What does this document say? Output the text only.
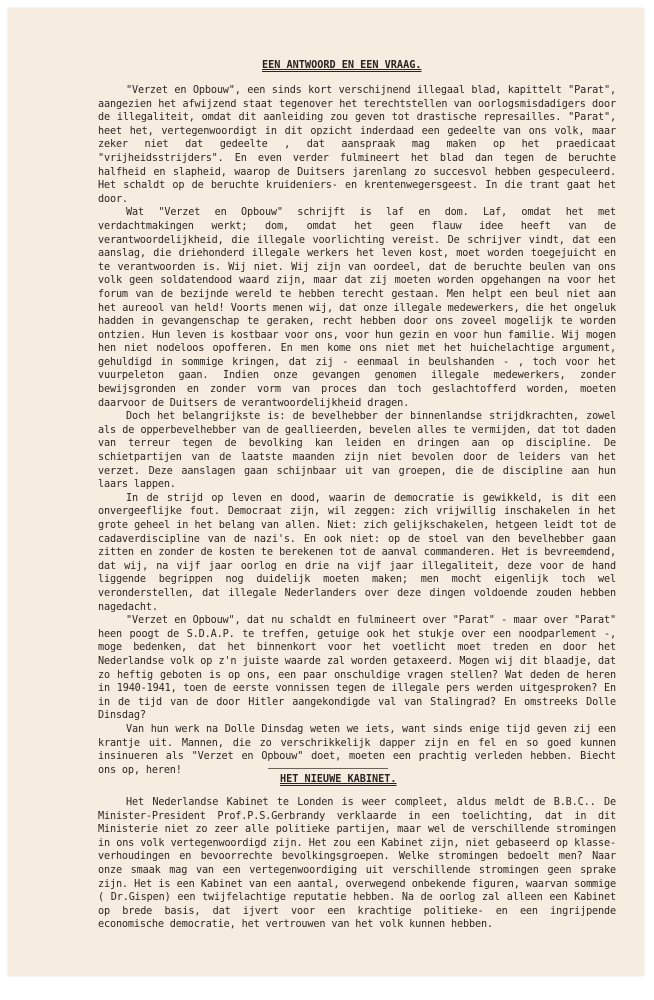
EEN ANTWOORD EN EEN VRAAG.

"Verzet en Opbouw", een sinds kort verschijnend illegaal blad, kapittelt "Parat", aangezien het afwijzend staat tegenover het terechtstellen van oorlogsmisdadigers door de illegaliteit, omdat dit aanleiding zou geven tot drastische represailles. "Parat", heet het, vertegenwoordigt in dit opzicht inderdaad een gedeelte van ons volk, maar zeker niet dat gedeelte , dat aanspraak mag maken op het praedicaat "vrijheidsstrijders". En even verder fulmineert het blad dan tegen de beruchte halfheid en slapheid, waarop de Duitsers jarenlang zo succesvol hebben gespeculeerd. Het schaldt op de beruchte kruideniers- en krentenwegersgeest. In die trant gaat het door.

Wat "Verzet en Opbouw" schrijft is laf en dom. Laf, omdat het met verdachtmakingen werkt; dom, omdat het geen flauw idee heeft van de verantwoordelijkheid, die illegale voorlichting vereist. De schrijver vindt, dat een aanslag, die driehonderd illegale werkers het leven kost, moet worden toegejuicht en te verantwoorden is. Wij niet. Wij zijn van oordeel, dat de beruchte beulen van ons volk geen soldatendood waard zijn, maar dat zij moeten worden opgehangen na voor het forum van de bezijnde wereld te hebben terecht gestaan. Men helpt een beul niet aan het aureool van held! Voorts menen wij, dat onze illegale medewerkers, die het ongeluk hadden in gevangenschap te geraken, recht hebben door ons zoveel mogelijk te worden ontzien. Hun leven is kostbaar voor ons, voor hun gezin en voor hun familie. Wij mogen hen niet nodeloos opofferen. En men kome ons niet met het huichelachtige argument, gehuldigd in sommige kringen, dat zij - eenmaal in beulshanden - , toch voor het vuurpeleton gaan. Indien onze gevangen genomen illegale medewerkers, zonder bewijsgronden en zonder vorm van proces dan toch geslachtofferd worden, moeten daarvoor de Duitsers de verantwoordelijkheid dragen.

Doch het belangrijkste is: de bevelhebber der binnenlandse strijdkrachten, zowel als de opperbevelhebber van de geallieerden, bevelen alles te vermijden, dat tot daden van terreur tegen de bevolking kan leiden en dringen aan op discipline. De schietpartijen van de laatste maanden zijn niet bevolen door de leiders van het verzet. Deze aanslagen gaan schijnbaar uit van groepen, die de discipline aan hun laars lappen.

In de strijd op leven en dood, waarin de democratie is gewikkeld, is dit een onvergeeflijke fout. Democraat zijn, wil zeggen: zich vrijwillig inschakelen in het grote geheel in het belang van allen. Niet: zich gelijkschakelen, hetgeen leidt tot de cadaverdiscipline van de nazi's. En ook niet: op de stoel van den bevelhebber gaan zitten en zonder de kosten te berekenen tot de aanval commanderen. Het is bevreemdend, dat wij, na vijf jaar oorlog en drie na vijf jaar illegaliteit, deze voor de hand liggende begrippen nog duidelijk moeten maken; men mocht eigenlijk toch wel veronderstellen, dat illegale Nederlanders over deze dingen voldoende zouden hebben nagedacht.

"Verzet en Opbouw", dat nu schaldt en fulmineert over "Parat" - maar over "Parat" heen poogt de S.D.A.P. te treffen, getuige ook het stukje over een noodparlement -, moge bedenken, dat het binnenkort voor het voetlicht moet treden en door het Nederlandse volk op z'n juiste waarde zal worden getaxeerd. Mogen wij dit blaadje, dat zo heftig geboten is op ons, een paar onschuldige vragen stellen? Wat deden de heren in 1940-1941, toen de eerste vonnissen tegen de illegale pers werden uitgesproken? En in de tijd van de door Hitler aangekondigde val van Stalingrad? En omstreeks Dolle Dinsdag?

Van hun werk na Dolle Dinsdag weten we iets, want sinds enige tijd geven zij een krantje uit. Mannen, die zo verschrikkelijk dapper zijn en fel en so goed kunnen insinueren als "Verzet en Opbouw" doet, moeten een prachtig verleden hebben. Biecht ons op, heren!

HET NIEUWE KABINET.

Het Nederlandse Kabinet te Londen is weer compleet, aldus meldt de B.B.C.. De Minister-President Prof.P.S.Gerbrandy verklaarde in een toelichting, dat in dit Ministerie niet zo zeer alle politieke partijen, maar wel de verschillende stromingen in ons volk vertegenwoordigd zijn. Het zou een Kabinet zijn, niet gebaseerd op klasse-verhoudingen en bevoorrechte bevolkingsgroepen. Welke stromingen bedoelt men? Naar onze smaak mag van een vertegenwoordiging uit verschillende stromingen geen sprake zijn. Het is een Kabinet van een aantal, overwegend onbekende figuren, waarvan sommige ( Dr.Gispen) een twijfelachtige reputatie hebben. Na de oorlog zal alleen een Kabinet op brede basis, dat ijvert voor een krachtige politieke- en een ingrijpende economische democratie, het vertrouwen van het volk kunnen hebben.
